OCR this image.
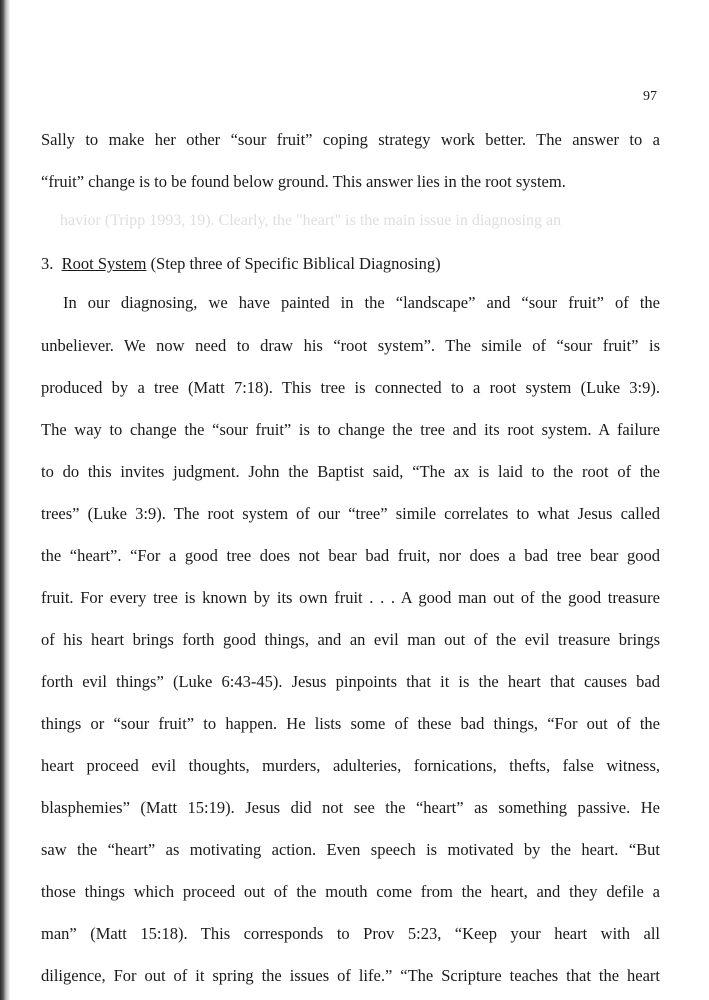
havior (Tripp 1993, 19). Clearly, the "heart" is the main issue in diagnosing an
97
Sally to make her other “sour fruit” coping strategy work better. The answer to a
“fruit” change is to be found below ground. This answer lies in the root system.
3. Root System (Step three of Specific Biblical Diagnosing)
In our diagnosing, we have painted in the “landscape” and “sour fruit” of the
unbeliever. We now need to draw his “root system”. The simile of “sour fruit” is
produced by a tree (Matt 7:18). This tree is connected to a root system (Luke 3:9).
The way to change the “sour fruit” is to change the tree and its root system. A failure
to do this invites judgment. John the Baptist said, “The ax is laid to the root of the
trees” (Luke 3:9). The root system of our “tree” simile correlates to what Jesus called
the “heart”. “For a good tree does not bear bad fruit, nor does a bad tree bear good
fruit. For every tree is known by its own fruit . . . A good man out of the good treasure
of his heart brings forth good things, and an evil man out of the evil treasure brings
forth evil things” (Luke 6:43-45). Jesus pinpoints that it is the heart that causes bad
things or “sour fruit” to happen. He lists some of these bad things, “For out of the
heart proceed evil thoughts, murders, adulteries, fornications, thefts, false witness,
blasphemies” (Matt 15:19). Jesus did not see the “heart” as something passive. He
saw the “heart” as motivating action. Even speech is motivated by the heart. “But
those things which proceed out of the mouth come from the heart, and they defile a
man” (Matt 15:18). This corresponds to Prov 5:23, “Keep your heart with all
diligence, For out of it spring the issues of life.” “The Scripture teaches that the heart
